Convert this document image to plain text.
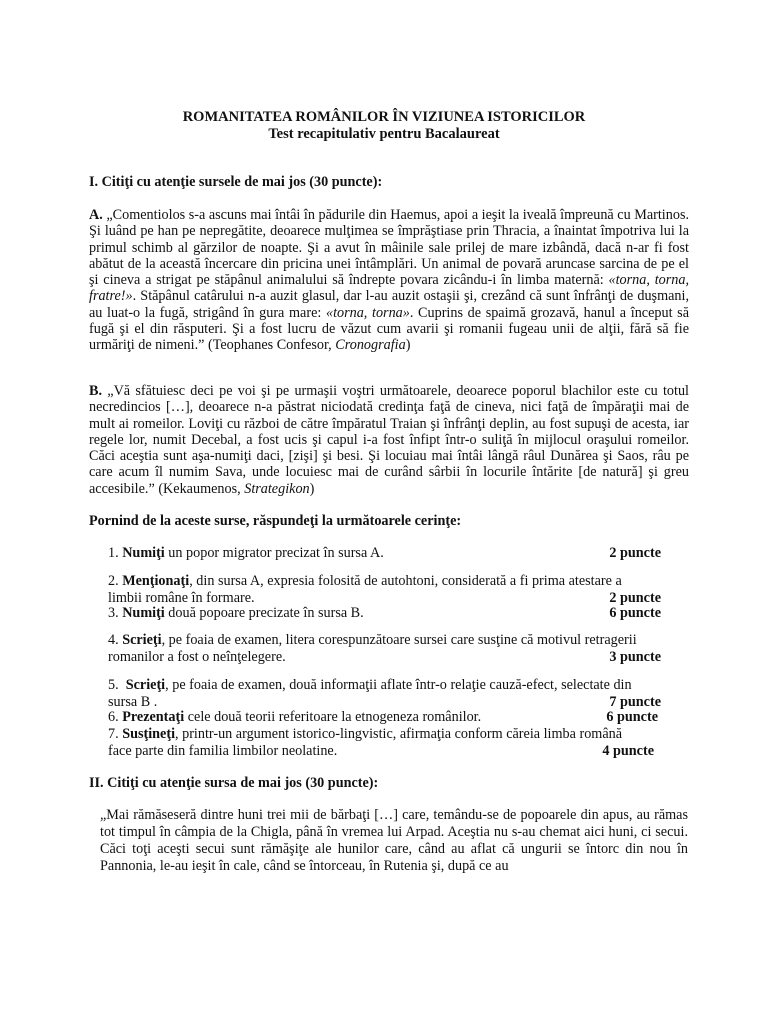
ROMANITATEA ROMÂNILOR ÎN VIZIUNEA ISTORICILOR
Test recapitulativ pentru Bacalaureat
I. Citiţi cu atenţie sursele de mai jos (30 puncte):

A. „Comentiolos s-a ascuns mai întâi în pădurile din Haemus, apoi a ieşit la iveală împreună cu Martinos. Şi luând pe han pe nepregătite, deoarece mulţimea se împrăştiase prin Thracia, a înaintat împotriva lui la primul schimb al gărzilor de noapte. Şi a avut în mâinile sale prilej de mare izbândă, dacă n-ar fi fost abătut de la această încercare din pricina unei întâmplări. Un animal de povară aruncase sarcina de pe el şi cineva a strigat pe stăpânul animalului să îndrepte povara zicându-i în limba maternă: «torna, torna, fratre!». Stăpânul catârului n-a auzit glasul, dar l-au auzit ostaşii şi, crezând că sunt înfrânţi de duşmani, au luat-o la fugă, strigând în gura mare: «torna, torna». Cuprins de spaimă grozavă, hanul a început să fugă şi el din răsputeri. Şi a fost lucru de văzut cum avarii şi romanii fugeau unii de alţii, fără să fie urmăriţi de nimeni.” (Teophanes Confesor, Cronografia)

B. „Vă sfătuiesc deci pe voi şi pe urmaşii voştri următoarele, deoarece poporul blachilor este cu totul necredincios […], deoarece n-a păstrat niciodată credinţa faţă de cineva, nici faţă de împăraţii mai de mult ai romeilor. Loviţi cu război de către împăratul Traian şi înfrânţi deplin, au fost supuşi de acesta, iar regele lor, numit Decebal, a fost ucis şi capul i-a fost înfipt într-o suliţă în mijlocul oraşului romeilor. Căci aceştia sunt aşa-numiţi daci, [zişi] şi besi. Şi locuiau mai întâi lângă râul Dunărea şi Saos, râu pe care acum îl numim Sava, unde locuiesc mai de curând sârbii în locurile întărite [de natură] şi greu accesibile.” (Kekaumenos, Strategikon)

Pornind de la aceste surse, răspundeţi la următoarele cerinţe:
1. Numiţi un popor migrator precizat în sursa A.	2 puncte
2. Menţionaţi, din sursa A, expresia folosită de autohtoni, considerată a fi prima atestare a
limbii române în formare.	2 puncte
3. Numiţi două popoare precizate în sursa B.	6 puncte
4. Scrieţi, pe foaia de examen, litera corespunzătoare sursei care susţine că motivul retragerii
romanilor a fost o neînţelegere.	3 puncte
5. Scrieţi, pe foaia de examen, două informaţii aflate într-o relaţie cauză-efect, selectate din
sursa B .	7 puncte
6. Prezentaţi cele două teorii referitoare la etnogeneza românilor.	6 puncte
7. Susţineţi, printr-un argument istorico-lingvistic, afirmaţia conform căreia limba română
face parte din familia limbilor neolatine.	4 puncte
II. Citiţi cu atenţie sursa de mai jos (30 puncte):
„Mai rămăseseră dintre huni trei mii de bărbaţi […] care, temându-se de popoarele din apus, au rămas tot timpul în câmpia de la Chigla, până în vremea lui Arpad. Aceştia nu s-au chemat aici huni, ci secui. Căci toţi aceşti secui sunt rămăşiţe ale hunilor care, când au aflat că ungurii se întorc din nou în Pannonia, le-au ieşit în cale, când se întorceau, în Rutenia şi, după ce au
